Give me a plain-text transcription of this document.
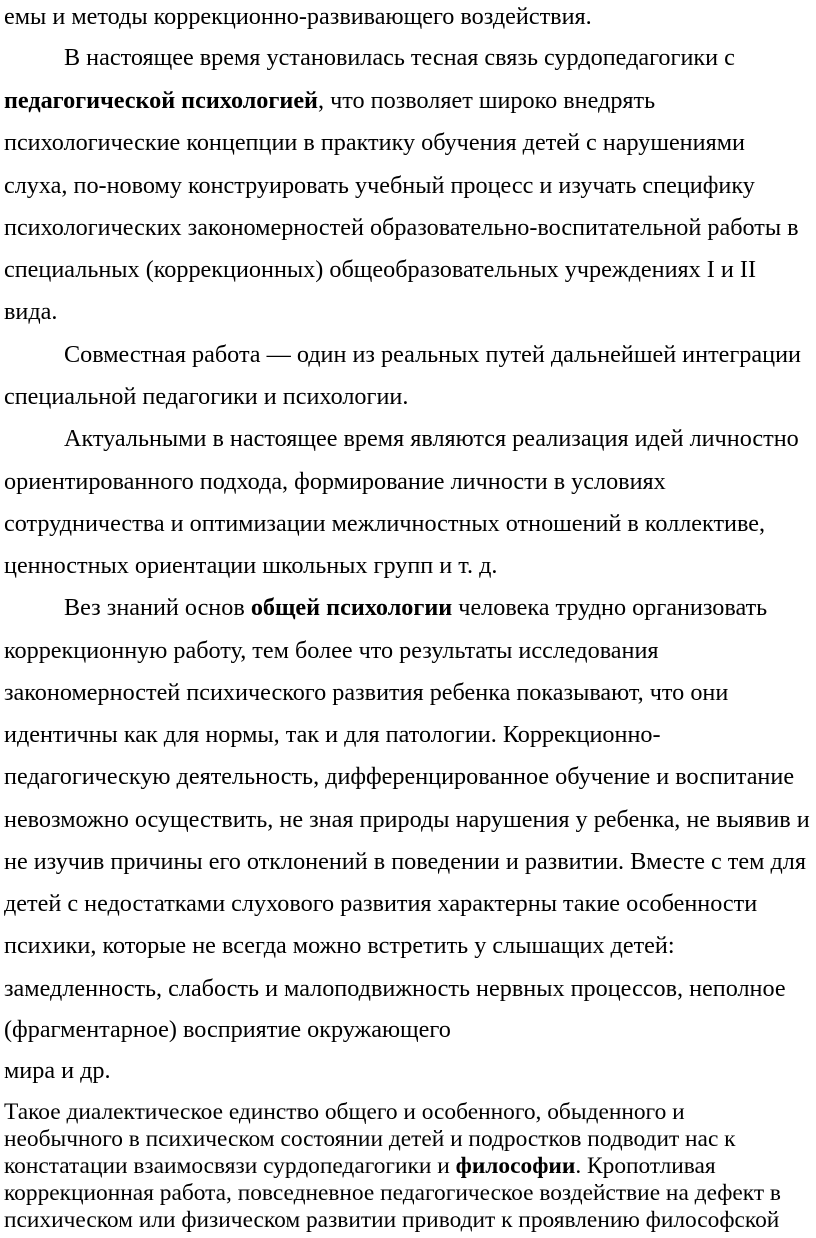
емы и методы коррекционно-развивающего воздействия.
В настоящее время установилась тесная связь сурдопедагогики с
педагогической психологией, что позволяет широко внедрять
психологические концепции в практику обучения детей с нарушениями
слуха, по-новому конструировать учебный процесс и изучать специфику
психологических закономерностей образовательно-воспитательной работы в
специальных (коррекционных) общеобразовательных учреждениях I и II
вида.
Совместная работа — один из реальных путей дальнейшей интеграции
специальной педагогики и психологии.
Актуальными в настоящее время являются реализация идей личностно
ориентированного подхода, формирование личности в условиях
сотрудничества и оптимизации межличностных отношений в коллективе,
ценностных ориентации школьных групп и т. д.
Вез знаний основ общей психологии человека трудно организовать
коррекционную работу, тем более что результаты исследования
закономерностей психического развития ребенка показывают, что они
идентичны как для нормы, так и для патологии. Коррекционно-
педагогическую деятельность, дифференцированное обучение и воспитание
невозможно осуществить, не зная природы нарушения у ребенка, не выявив и
не изучив причины его отклонений в поведении и развитии. Вместе с тем для
детей с недостатками слухового развития характерны такие особенности
психики, которые не всегда можно встретить у слышащих детей:
замедленность, слабость и малоподвижность нервных процессов, неполное
(фрагментарное) восприятие окружающего
мира и др.
Такое диалектическое единство общего и особенного, обыденного и
необычного в психическом состоянии детей и подростков подводит нас к
констатации взаимосвязи сурдопедагогики и философии. Кропотливая
коррекционная работа, повседневное педагогическое воздействие на дефект в
психическом или физическом развитии приводит к проявлению философской
